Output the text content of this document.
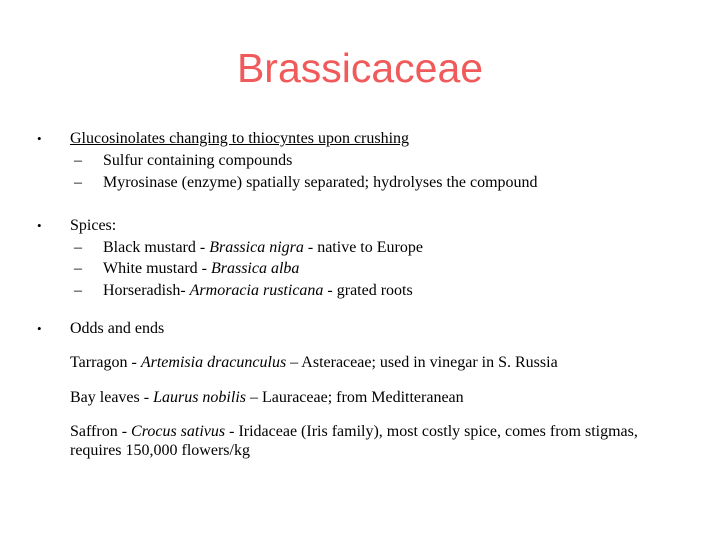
Brassicaceae
• Glucosinolates changing to thiocyntes upon crushing
– Sulfur containing compounds
– Myrosinase (enzyme) spatially separated; hydrolyses the compound
• Spices:
– Black mustard - Brassica nigra - native to Europe
– White mustard - Brassica alba
– Horseradish- Armoracia rusticana - grated roots
• Odds and ends
Tarragon - Artemisia dracunculus – Asteraceae; used in vinegar in S. Russia
Bay leaves - Laurus nobilis – Lauraceae; from Meditteranean
Saffron - Crocus sativus - Iridaceae (Iris family), most costly spice, comes from stigmas, requires 150,000 flowers/kg
